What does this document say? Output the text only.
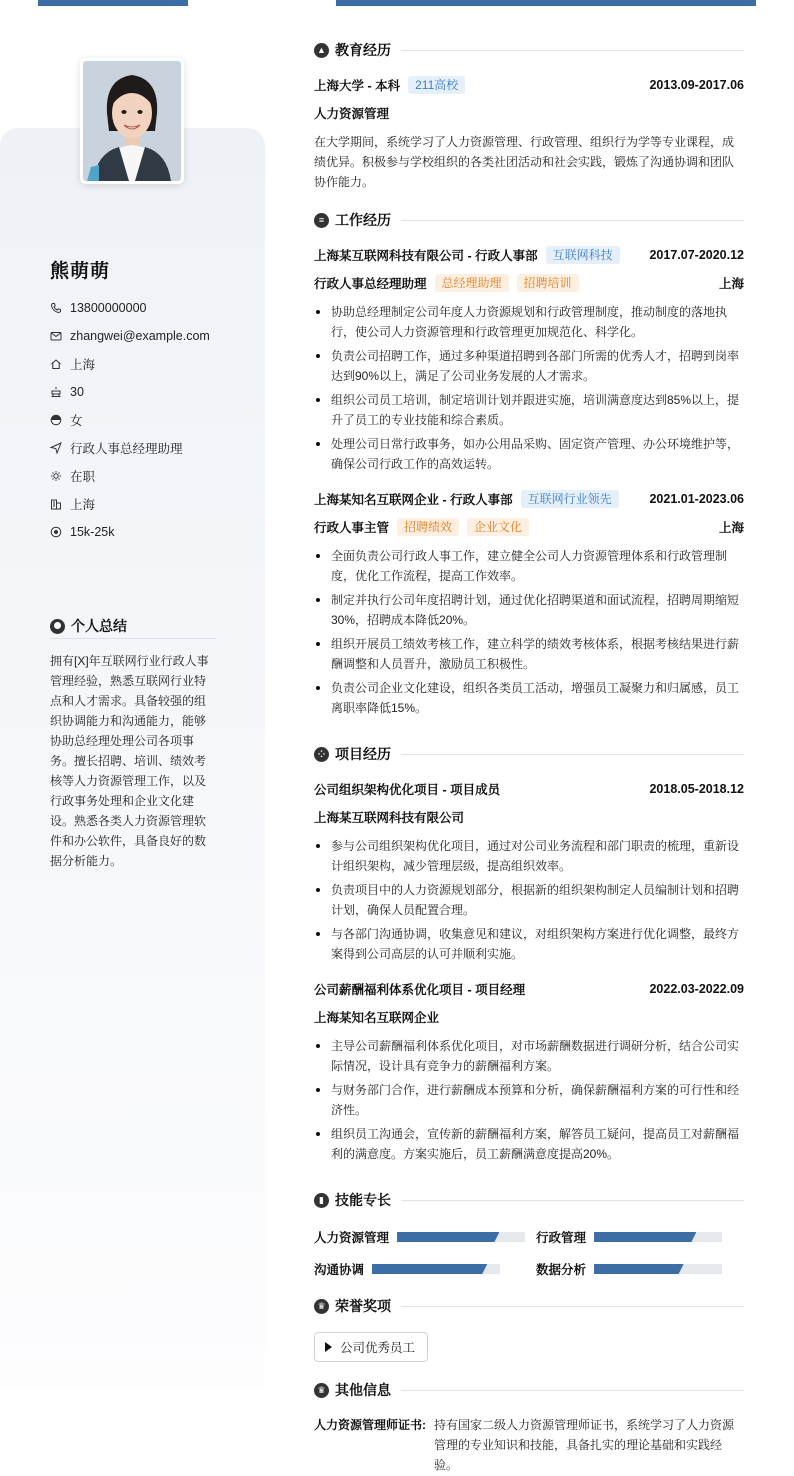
熊萌萌
13800000000
zhangwei@example.com
上海
30
女
行政人事总经理助理
在职
上海
15k-25k
个人总结
拥有[X]年互联网行业行政人事管理经验，熟悉互联网行业特点和人才需求。具备较强的组织协调能力和沟通能力，能够协助总经理处理公司各项事务。擅长招聘、培训、绩效考核等人力资源管理工作，以及行政事务处理和企业文化建设。熟悉各类人力资源管理软件和办公软件，具备良好的数据分析能力。
▲ 教育经历
上海大学 - 本科	211高校	2013.09-2017.06
人力资源管理
在大学期间，系统学习了人力资源管理、行政管理、组织行为学等专业课程，成绩优异。积极参与学校组织的各类社团活动和社会实践，锻炼了沟通协调和团队协作能力。
≡ 工作经历
上海某互联网科技有限公司 - 行政人事部	互联网科技	2017.07-2020.12
行政人事总经理助理	总经理助理	招聘培训	上海
协助总经理制定公司年度人力资源规划和行政管理制度，推动制度的落地执行，使公司人力资源管理和行政管理更加规范化、科学化。
负责公司招聘工作，通过多种渠道招聘到各部门所需的优秀人才，招聘到岗率达到90%以上，满足了公司业务发展的人才需求。
组织公司员工培训，制定培训计划并跟进实施，培训满意度达到85%以上，提升了员工的专业技能和综合素质。
处理公司日常行政事务，如办公用品采购、固定资产管理、办公环境维护等，确保公司行政工作的高效运转。
上海某知名互联网企业 - 行政人事部	互联网行业领先	2021.01-2023.06
行政人事主管	招聘绩效	企业文化	上海
全面负责公司行政人事工作，建立健全公司人力资源管理体系和行政管理制度，优化工作流程，提高工作效率。
制定并执行公司年度招聘计划，通过优化招聘渠道和面试流程，招聘周期缩短30%，招聘成本降低20%。
组织开展员工绩效考核工作，建立科学的绩效考核体系，根据考核结果进行薪酬调整和人员晋升，激励员工积极性。
负责公司企业文化建设，组织各类员工活动，增强员工凝聚力和归属感，员工离职率降低15%。
⁘ 项目经历
公司组织架构优化项目 - 项目成员	2018.05-2018.12
上海某互联网科技有限公司
参与公司组织架构优化项目，通过对公司业务流程和部门职责的梳理，重新设计组织架构，减少管理层级，提高组织效率。
负责项目中的人力资源规划部分，根据新的组织架构制定人员编制计划和招聘计划，确保人员配置合理。
与各部门沟通协调，收集意见和建议，对组织架构方案进行优化调整，最终方案得到公司高层的认可并顺利实施。
公司薪酬福利体系优化项目 - 项目经理	2022.03-2022.09
上海某知名互联网企业
主导公司薪酬福利体系优化项目，对市场薪酬数据进行调研分析，结合公司实际情况，设计具有竞争力的薪酬福利方案。
与财务部门合作，进行薪酬成本预算和分析，确保薪酬福利方案的可行性和经济性。
组织员工沟通会，宣传新的薪酬福利方案，解答员工疑问，提高员工对薪酬福利的满意度。方案实施后，员工薪酬满意度提高20%。
▮ 技能专长
人力资源管理	行政管理
沟通协调	数据分析
♛ 荣誉奖项
公司优秀员工
♛ 其他信息
人力资源管理师证书: 持有国家二级人力资源管理师证书，系统学习了人力资源管理的专业知识和技能，具备扎实的理论基础和实践经验。
